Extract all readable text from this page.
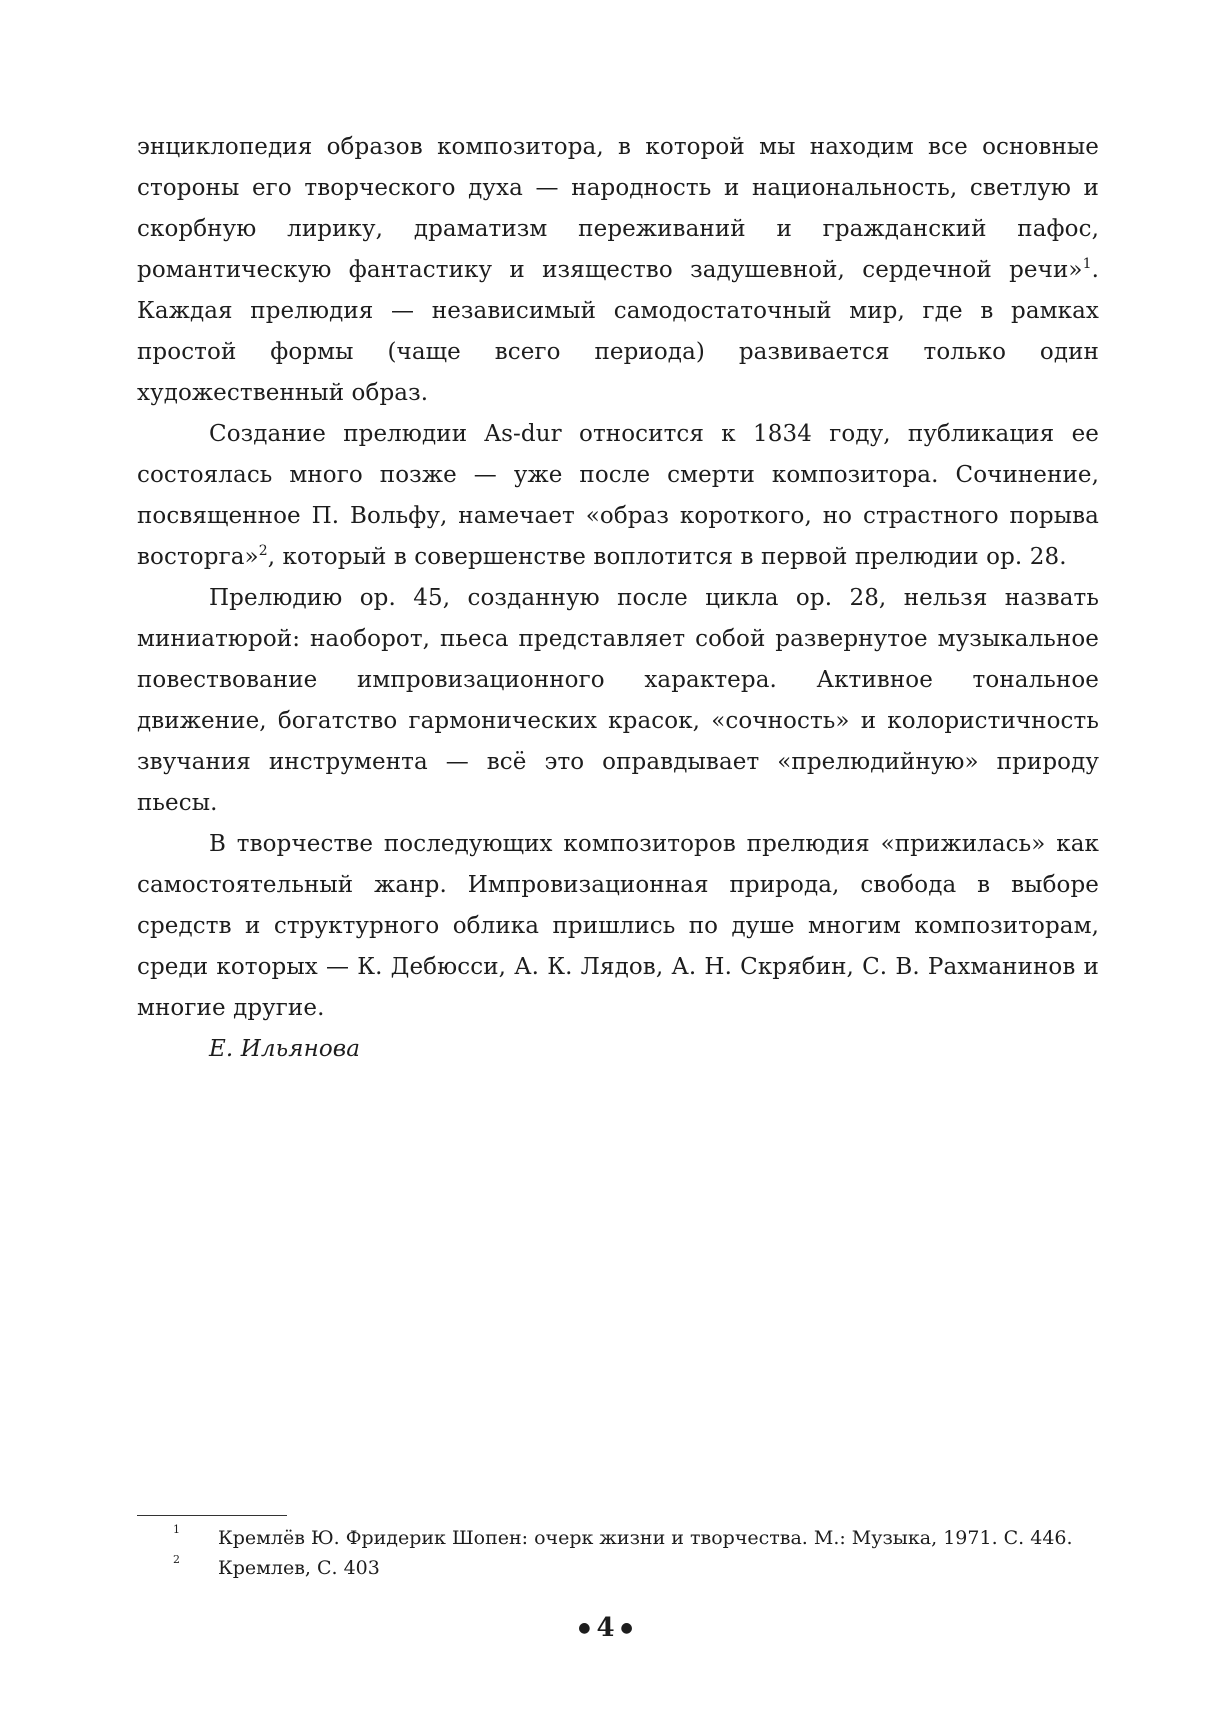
энциклопедия образов композитора, в которой мы находим все основные стороны его творческого духа — народность и национальность, светлую и скорбную лирику, драматизм переживаний и гражданский пафос, романтическую фантастику и изящество задушевной, сердечной речи»$^1$. Каждая прелюдия — независимый самодостаточный мир, где в рамках простой формы (чаще всего периода) развивается только один художественный образ.

Создание прелюдии As-dur относится к 1834 году, публикация ее состоялась много позже — уже после смерти композитора. Сочинение, посвященное П. Вольфу, намечает «образ короткого, но страстного порыва восторга»$^2$, который в совершенстве воплотится в первой прелюдии ор. 28.

Прелюдию ор. 45, созданную после цикла ор. 28, нельзя назвать миниатюрой: наоборот, пьеса представляет собой развернутое музыкальное повествование импровизационного характера. Активное тональное движение, богатство гармонических красок, «сочность» и колористичность звучания инструмента — всё это оправдывает «прелюдийную» природу пьесы.

В творчестве последующих композиторов прелюдия «прижилась» как самостоятельный жанр. Импровизационная природа, свобода в выборе средств и структурного облика пришлись по душе многим композиторам, среди которых — К. Дебюсси, А. К. Лядов, А. Н. Скрябин, С. В. Рахманинов и многие другие.

Е. Ильянова

1 Кремлёв Ю. Фридерик Шопен: очерк жизни и творчества. М.: Музыка, 1971. С. 446.
2 Кремлев, С. 403
● 4 ●
